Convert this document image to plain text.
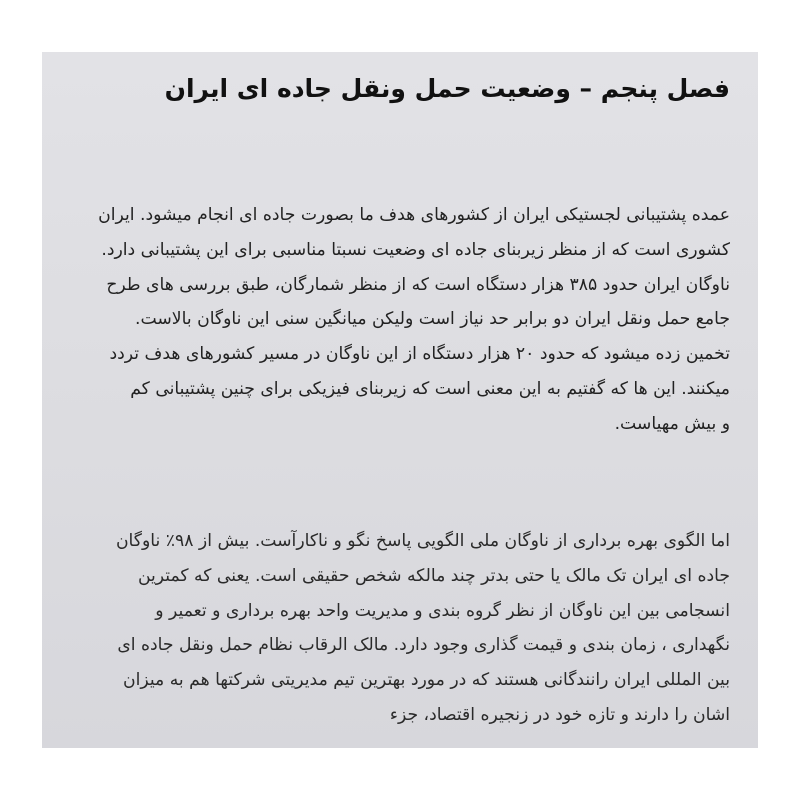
فصل پنجم – وضعیت حمل ونقل جاده ای ایران
عمده پشتیبانی لجستیکی ایران از کشورهای هدف ما بصورت جاده ای انجام میشود. ایران
کشوری است که از منظر زیربنای جاده ای وضعیت نسبتا مناسبی برای این پشتیبانی دارد.
ناوگان ایران حدود ۳۸۵ هزار دستگاه است که از منظر شمارگان، طبق بررسی های طرح
جامع حمل ونقل ایران دو برابر حد نیاز است ولیکن میانگین سنی این ناوگان بالاست.
تخمین زده میشود که حدود ۲۰ هزار دستگاه از این ناوگان در مسیر کشورهای هدف تردد
میکنند. این ها که گفتیم به این معنی است که زیربنای فیزیکی برای چنین پشتیبانی کم
و بیش مهیاست.
اما الگوی بهره برداری از ناوگان ملی الگویی پاسخ نگو و ناکارآست. بیش از ۹۸٪ ناوگان
جاده ای ایران تک مالک یا حتی بدتر چند مالکه شخص حقیقی است. یعنی که کمترین
انسجامی بین این ناوگان از نظر گروه بندی و مدیریت واحد بهره برداری و تعمیر و
نگهداری ، زمان بندی و قیمت گذاری وجود دارد. مالک الرقاب نظام حمل ونقل جاده ای
بین المللی ایران رانندگانی هستند که در مورد بهترین تیم مدیریتی شرکتها هم به میزان
اشان را دارند و تازه خود در زنجیره اقتصاد، جزء
